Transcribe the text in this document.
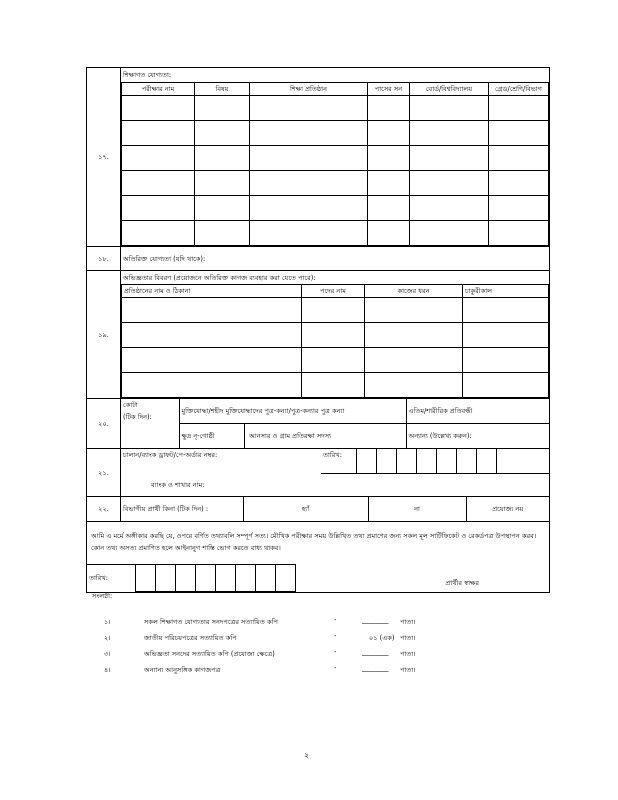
১৭.	
শিক্ষাগত যোগ্যতা:
পরীক্ষার নাম	বিষয়	শিক্ষা প্রতিষ্ঠান	পাসের সন	বোর্ড/বিশ্ববিদ্যালয়	গ্রেড/শ্রেণি/বিভাগ

১৮.	অতিরিক্ত যোগ্যতা (যদি থাকে):
১৯.	
অভিজ্ঞতার বিবরণ (প্রয়োজনে অতিরিক্ত কাগজ ব্যবহার করা যেতে পারে):
প্রতিষ্ঠানের নাম ও ঠিকানা	পদের নাম	কাজের ধরন	চাকুরীকাল

২০.	
কোটা
(টিক দিন):
	মুক্তিযোদ্ধা/শহীদ মুক্তিযোদ্ধাদের পুত্র-কন্যা/পুত্র-কন্যার পুত্র কন্যা	এতিম/শারীরিক প্রতিবন্ধী

ক্ষুদ্র নৃ-গোষ্ঠী	আনসার ও গ্রাম প্রতিরক্ষা সদস্য
		অন্যান্য (উল্লেখ্য করুন):

২১.	
চালান/ব্যাংক ড্রাফট/পে-অর্ডার নম্বর:	তারিখ:								
ব্যাংক ও শাখার নাম:

২২.	বিভাগীয় প্রার্থী কিনা (টিক দিন) :	হ্যাঁ	না	প্রযোজ্য নয়

আমি এ মর্মে অঙ্গীকার করছি যে, ওপরে বর্ণিত তথ্যাবলি সম্পূর্ণ সত্য। মৌখিক পরীক্ষার সময় উল্লিখিত তথ্য প্রমাণের জন্য সকল মূল সার্টিফিকেট ও রেকর্ডপত্র উপস্থাপন করব। কোন তথ্য অসত্য প্রমাণিত হলে আইনানুগ শাস্তি ভোগ করতে বাধ্য থাকব।
তারিখ:									প্রার্থীর স্বাক্ষর
সংলগ্নী:
১।	সকল শিক্ষাগত যোগ্যতার সনদপত্রের সত্যায়িত কপি	-	________ পাতা।
২।	জাতীয় পরিচয়পত্রের সত্যায়িত কপি	-	০১ (এক) পাতা।
৩।	অভিজ্ঞতা সনদের সত্যায়িত কপি (প্রযোজ্য ক্ষেত্রে)	-	________ পাতা।
৪।	অন্যান্য আনুসঙ্গিক কাগজপত্র	-	________ পাতা।
২
